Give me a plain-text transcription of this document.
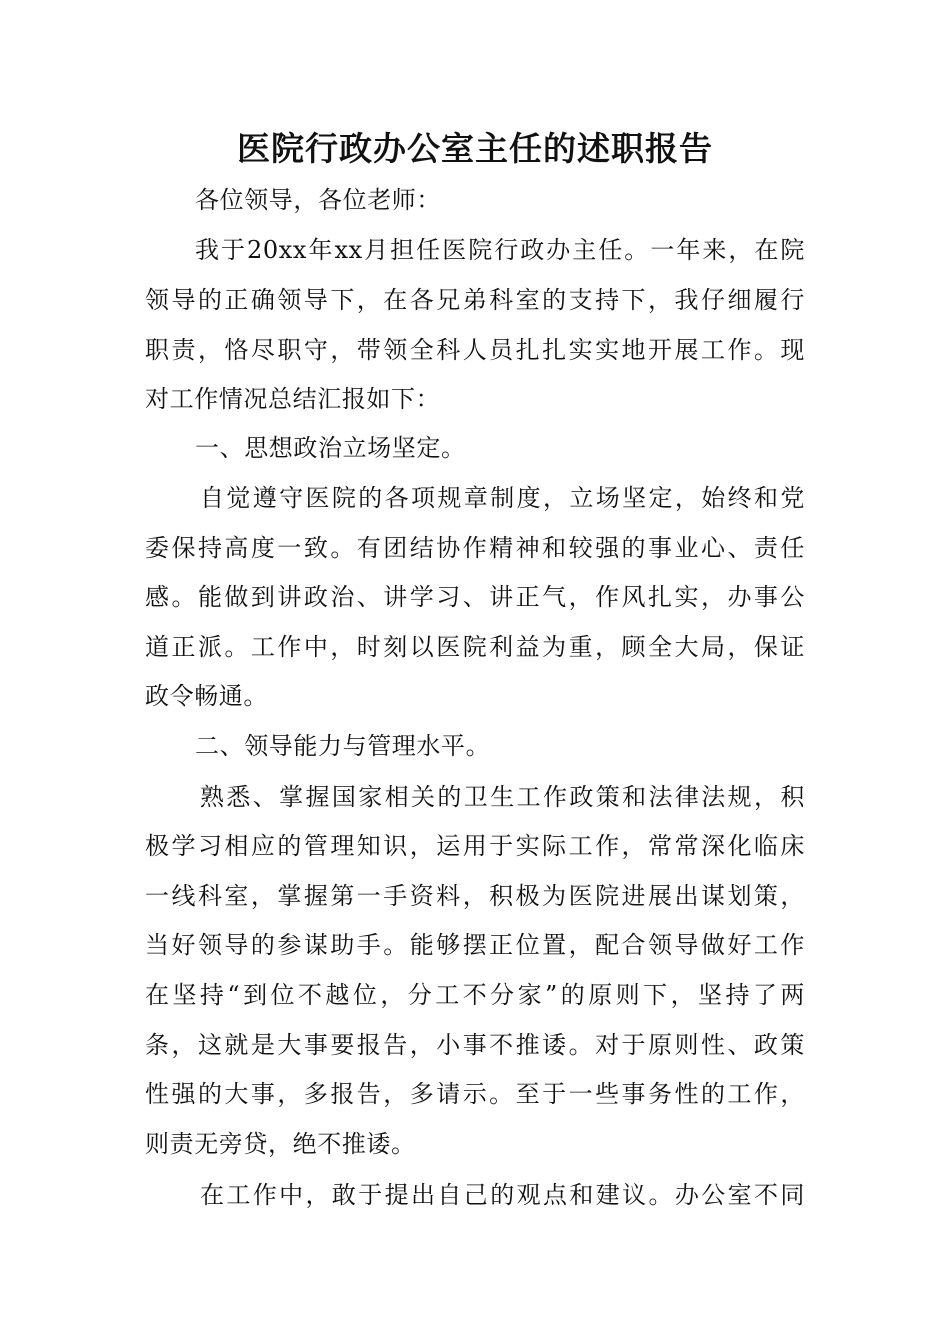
医院行政办公室主任的述职报告
各位领导，各位老师：
我于20xx年xx月担任医院行政办主任。一年来，在院
领导的正确领导下，在各兄弟科室的支持下，我仔细履行
职责，恪尽职守，带领全科人员扎扎实实地开展工作。现
对工作情况总结汇报如下：
一、思想政治立场坚定。
自觉遵守医院的各项规章制度，立场坚定，始终和党
委保持高度一致。有团结协作精神和较强的事业心、责任
感。能做到讲政治、讲学习、讲正气，作风扎实，办事公
道正派。工作中，时刻以医院利益为重，顾全大局，保证
政令畅通。
二、领导能力与管理水平。
熟悉、掌握国家相关的卫生工作政策和法律法规，积
极学习相应的管理知识，运用于实际工作，常常深化临床
一线科室，掌握第一手资料，积极为医院进展出谋划策，
当好领导的参谋助手。能够摆正位置，配合领导做好工作
在坚持“到位不越位，分工不分家”的原则下，坚持了两
条，这就是大事要报告，小事不推诿。对于原则性、政策
性强的大事，多报告，多请示。至于一些事务性的工作，
则责无旁贷，绝不推诿。
在工作中，敢于提出自己的观点和建议。办公室不同
